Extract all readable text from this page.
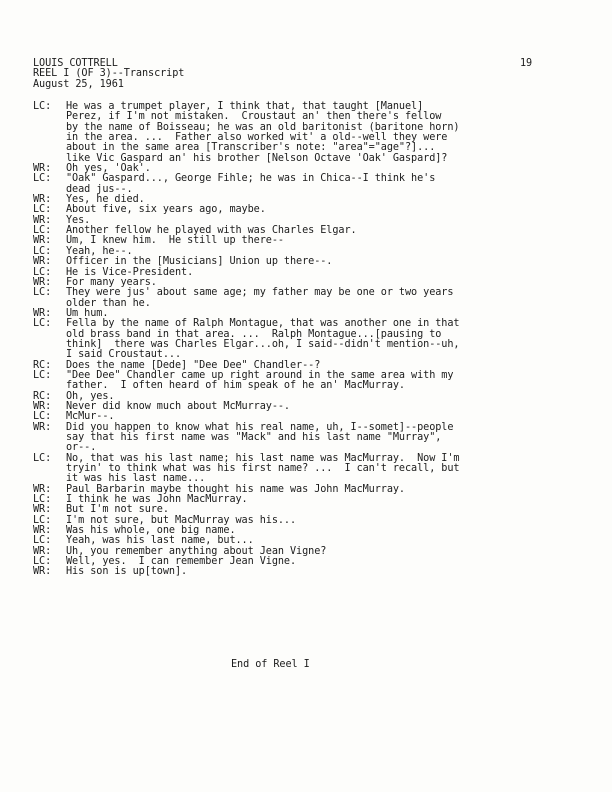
LOUIS COTTRELL
REEL I (OF 3)--Transcript
August 25, 1961
19
LC:	He was a trumpet player, I think that, that taught [Manuel]
Perez, if I'm not mistaken.  Croustaut an' then there's fellow
by the name of Boisseau; he was an old baritonist (baritone horn)
in the area. ...  Father also worked wit' a old--well they were
about in the same area [Transcriber's note: "area"="age"?]...
like Vic Gaspard an' his brother [Nelson Octave 'Oak' Gaspard]?
WR:	Oh yes, 'Oak'.
LC:	"Oak" Gaspard..., George Fihle; he was in Chica--I think he's
dead jus--.
WR:	Yes, he died.
LC:	About five, six years ago, maybe.
WR:	Yes.
LC:	Another fellow he played with was Charles Elgar.
WR:	Um, I knew him.  He still up there--
LC:	Yeah, he--.
WR:	Officer in the [Musicians] Union up there--.
LC:	He is Vice-President.
WR:	For many years.
LC:	They were jus' about same age; my father may be one or two years
older than he.
WR:	Um hum.
LC:	Fella by the name of Ralph Montague, that was another one in that
old brass band in that area. ...  Ralph Montague...[pausing to
think]  there was Charles Elgar...oh, I said--didn't mention--uh,
I said Croustaut...
RC:	Does the name [Dede] "Dee Dee" Chandler--?
LC:	"Dee Dee" Chandler came up right around in the same area with my
father.  I often heard of him speak of he an' MacMurray.
RC:	Oh, yes.
WR:	Never did know much about McMurray--.
LC:	McMur--.
WR:	Did you happen to know what his real name, uh, I--somet]--people
say that his first name was "Mack" and his last name "Murray",
or--.
LC:	No, that was his last name; his last name was MacMurray.  Now I'm
tryin' to think what was his first name? ...  I can't recall, but
it was his last name...
WR:	Paul Barbarin maybe thought his name was John MacMurray.
LC:	I think he was John MacMurray.
WR:	But I'm not sure.
LC:	I'm not sure, but MacMurray was his...
WR:	Was his whole, one big name.
LC:	Yeah, was his last name, but...
WR:	Uh, you remember anything about Jean Vigne?
LC:	Well, yes.  I can remember Jean Vigne.
WR:	His son is up[town].
End of Reel I
